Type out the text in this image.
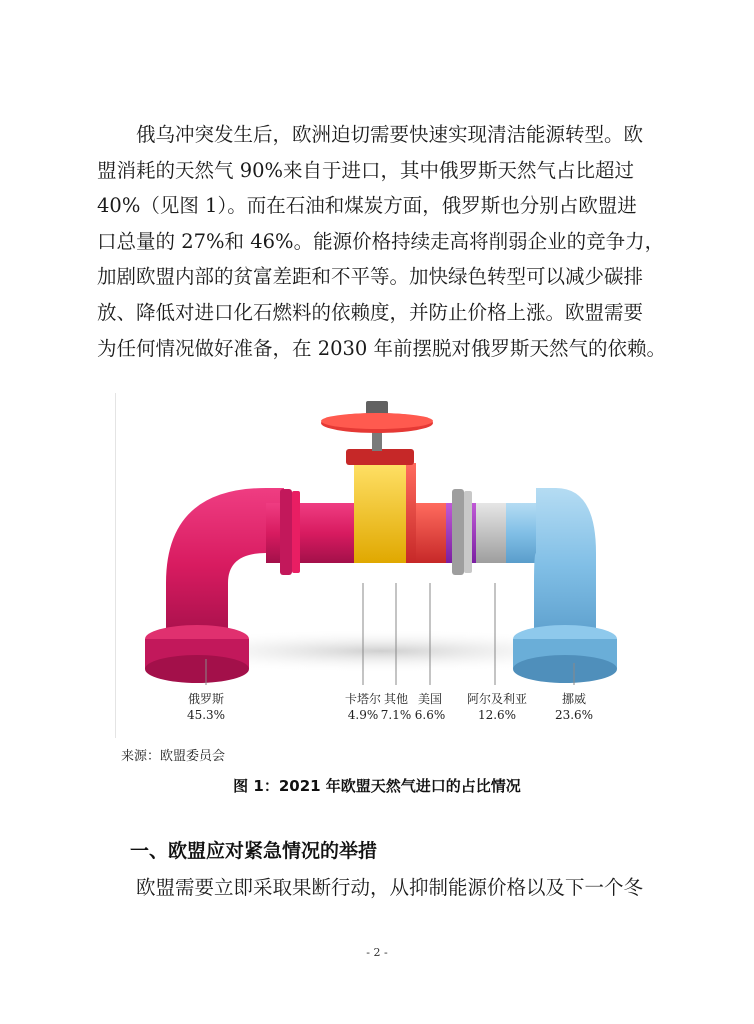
俄乌冲突发生后，欧洲迫切需要快速实现清洁能源转型。欧
盟消耗的天然气 90%来自于进口，其中俄罗斯天然气占比超过
40%（见图 1）。而在石油和煤炭方面，俄罗斯也分别占欧盟进
口总量的 27%和 46%。能源价格持续走高将削弱企业的竞争力，
加剧欧盟内部的贫富差距和不平等。加快绿色转型可以减少碳排
放、降低对进口化石燃料的依赖度，并防止价格上涨。欧盟需要
为任何情况做好准备，在 2030 年前摆脱对俄罗斯天然气的依赖。

俄罗斯
45.3%
卡塔尔
4.9%
其他
7.1%
美国
6.6%
阿尔及利亚
12.6%
挪威
23.6%
来源：欧盟委员会
图 1：2021 年欧盟天然气进口的占比情况
一、欧盟应对紧急情况的举措

欧盟需要立即采取果断行动，从抑制能源价格以及下一个冬

- 2 -
